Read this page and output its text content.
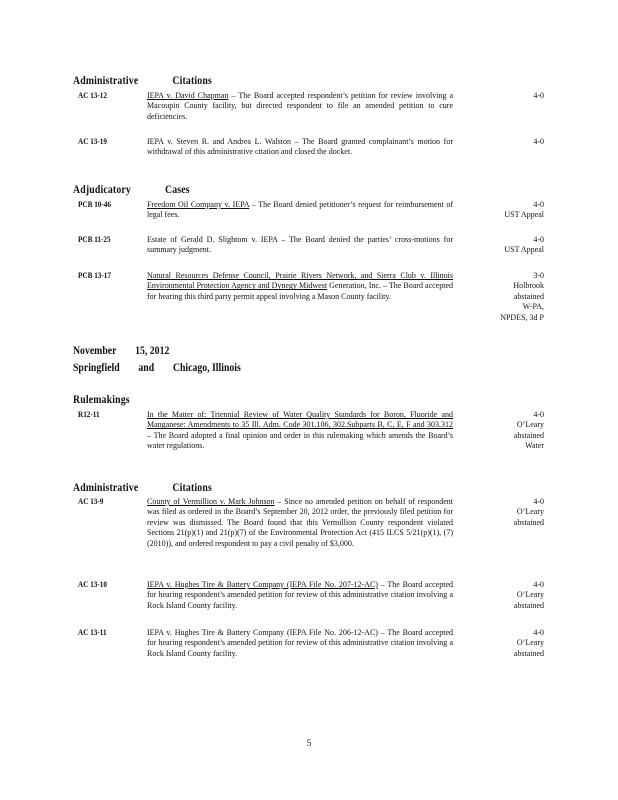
Administrative	Citations
AC 13-12	IEPA v. David Chapman – The Board accepted respondent’s petition for review involving a Macoupin County facility, but directed respondent to file an amended petition to cure deficiencies.
4-0
AC 13-19	IEPA v. Steven R. and Andrea L. Walston – The Board granted complainant’s motion for withdrawal of this administrative citation and closed the docket.
4-0
Adjudicatory	Cases
PCB 10-46	Freedom Oil Company v. IEPA – The Board denied petitioner’s request for reimbursement of legal fees.
4-0
UST Appeal
PCB 11-25	Estate of Gerald D. Slightom v. IEPA – The Board denied the parties’ cross-motions for summary judgment.
4-0
UST Appeal
PCB 13-17	Natural Resources Defense Council, Prairie Rivers Network, and Sierra Club v. Illinois Environmental Protection Agency and Dynegy Midwest Generation, Inc. – The Board accepted for hearing this third party permit appeal involving a Mason County facility.
3-0
Holbrook
abstained
W-PA,
NPDES, 3d P
November 15, 2012
Springfield and Chicago, Illinois
Rulemakings
R12-11	In the Matter of: Triennial Review of Water Quality Standards for Boron, Fluoride and Manganese: Amendments to 35 Ill. Adm. Code 301.106, 302.Subparts B, C, E, F and 303.312 – The Board adopted a final opinion and order in this rulemaking which amends the Board’s water regulations.
4-0
O’Leary
abstained
Water
Administrative	Citations
AC 13-9	County of Vermillion v. Mark Johnson – Since no amended petition on behalf of respondent was filed as ordered in the Board’s September 20, 2012 order, the previously filed petition for review was dismissed. The Board found that this Vermillion County respondent violated Sections 21(p)(1) and 21(p)(7) of the Environmental Protection Act (415 ILCS 5/21(p)(1), (7) (2010)), and ordered respondent to pay a civil penalty of $3,000.
4-0
O’Leary
abstained
AC 13-10	IEPA v. Hughes Tire & Battery Company (IEPA File No. 207-12-AC) – The Board accepted for hearing respondent’s amended petition for review of this administrative citation involving a Rock Island County facility.
4-0
O’Leary
abstained
AC 13-11	IEPA v. Hughes Tire & Battery Company (IEPA File No. 206-12-AC) – The Board accepted for hearing respondent’s amended petition for review of this administrative citation involving a Rock Island County facility.
4-0
O’Leary
abstained
5
